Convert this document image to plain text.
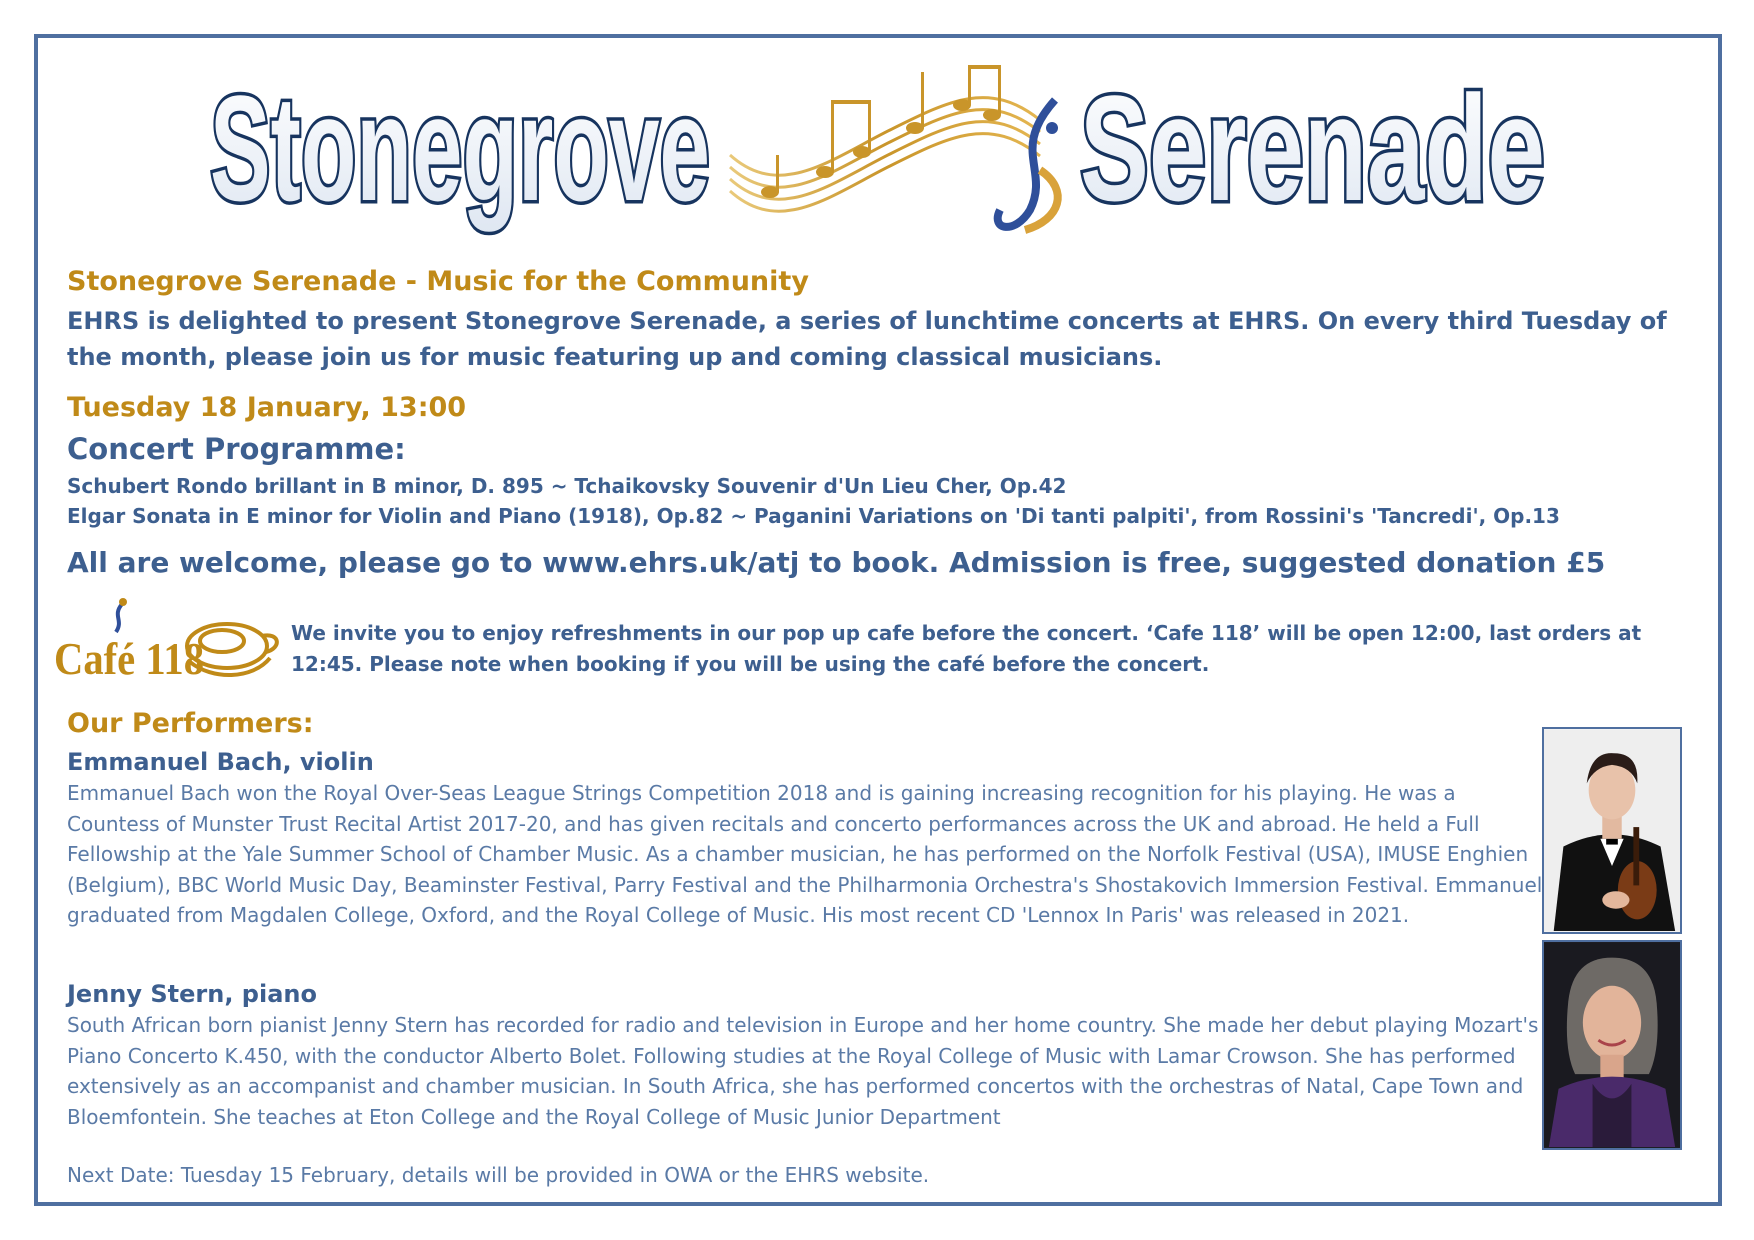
Stonegrove Serenade

Stonegrove Serenade - Music for the Community

EHRS is delighted to present Stonegrove Serenade, a series of lunchtime concerts at EHRS. On every third Tuesday of the month, please join us for music featuring up and coming classical musicians.

Tuesday 18 January, 13:00

Concert Programme:

Schubert Rondo brillant in B minor, D. 895 ~ Tchaikovsky Souvenir d'Un Lieu Cher, Op.42

Elgar Sonata in E minor for Violin and Piano (1918), Op.82 ~ Paganini Variations on 'Di tanti palpiti', from Rossini's 'Tancredi', Op.13

All are welcome, please go to www.ehrs.uk/atj to book. Admission is free, suggested donation £5

Café 118	We invite you to enjoy refreshments in our pop up cafe before the concert. ‘Cafe 118’ will be open 12:00, last orders at 12:45. Please note when booking if you will be using the café before the concert.

Our Performers:

Emmanuel Bach, violin

Emmanuel Bach won the Royal Over-Seas League Strings Competition 2018 and is gaining increasing recognition for his playing. He was a Countess of Munster Trust Recital Artist 2017-20, and has given recitals and concerto performances across the UK and abroad. He held a Full Fellowship at the Yale Summer School of Chamber Music. As a chamber musician, he has performed on the Norfolk Festival (USA), IMUSE Enghien (Belgium), BBC World Music Day, Beaminster Festival, Parry Festival and the Philharmonia Orchestra's Shostakovich Immersion Festival. Emmanuel graduated from Magdalen College, Oxford, and the Royal College of Music. His most recent CD 'Lennox In Paris' was released in 2021.

Jenny Stern, piano

South African born pianist Jenny Stern has recorded for radio and television in Europe and her home country. She made her debut playing Mozart's Piano Concerto K.450, with the conductor Alberto Bolet. Following studies at the Royal College of Music with Lamar Crowson. She has performed extensively as an accompanist and chamber musician. In South Africa, she has performed concertos with the orchestras of Natal, Cape Town and Bloemfontein. She teaches at Eton College and the Royal College of Music Junior Department

Next Date: Tuesday 15 February, details will be provided in OWA or the EHRS website.
